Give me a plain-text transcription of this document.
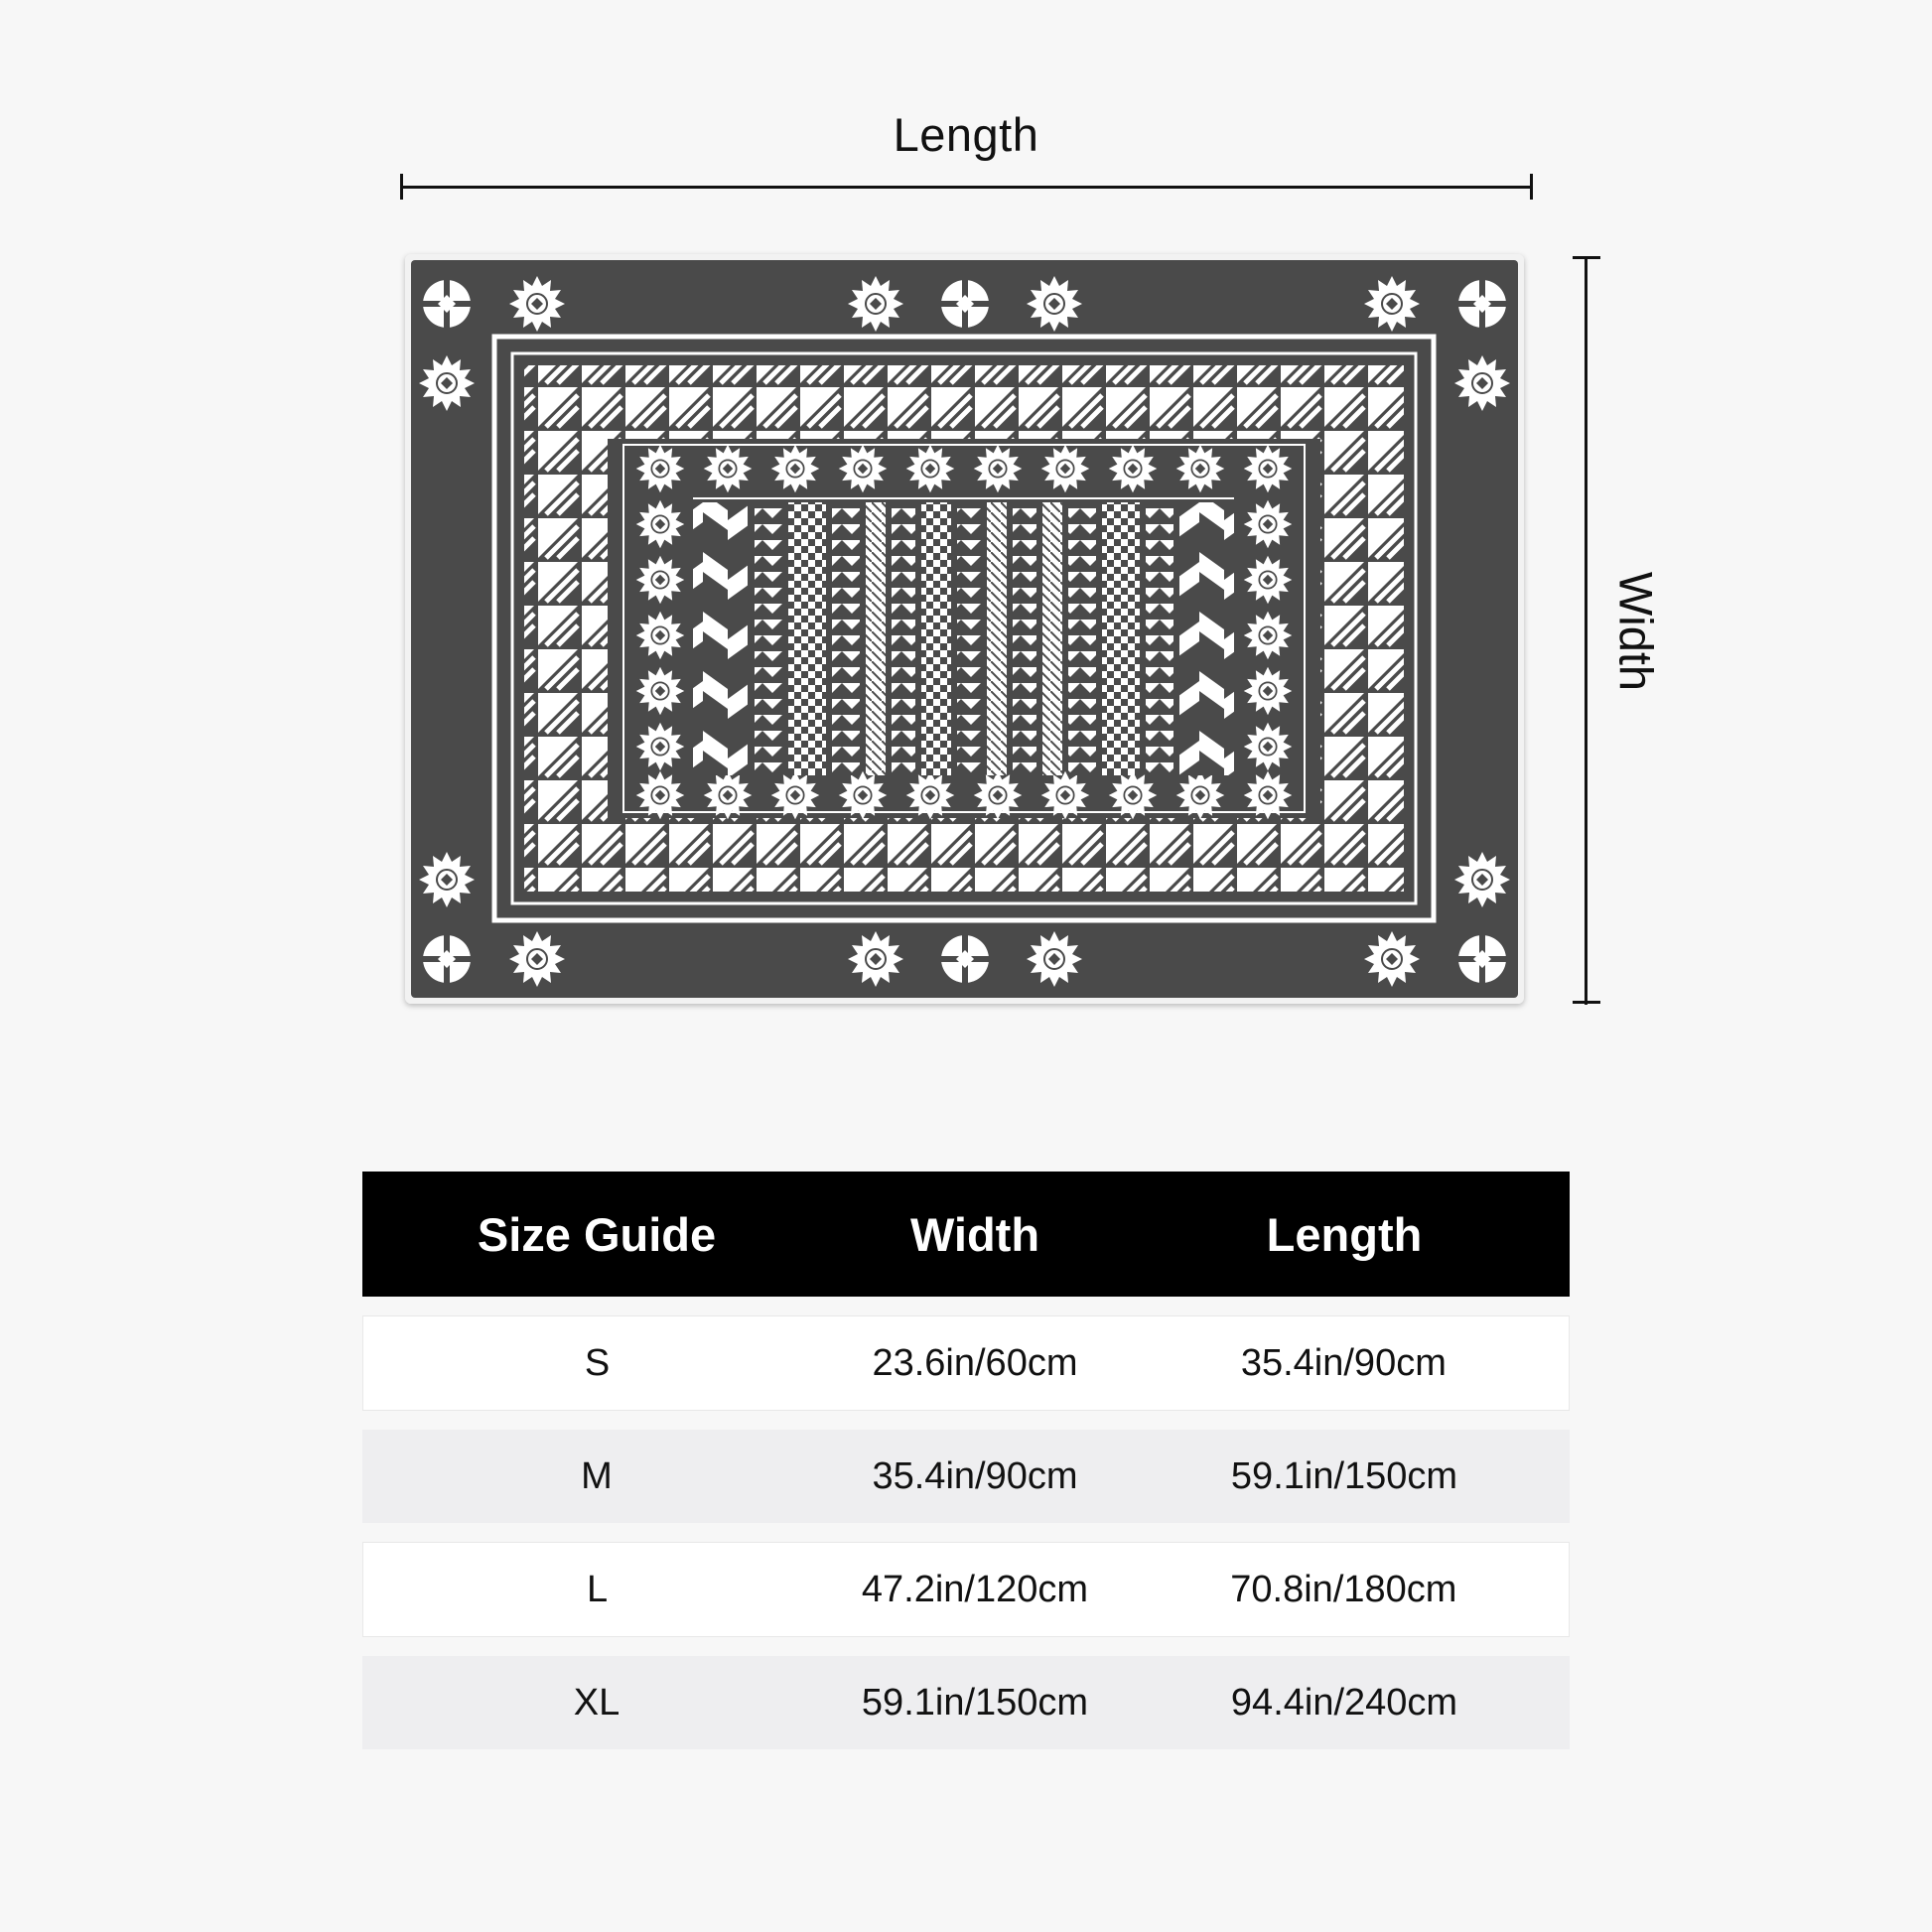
Length
Width
Size Guide	Width	Length
S	23.6in/60cm	35.4in/90cm
M	35.4in/90cm	59.1in/150cm
L	47.2in/120cm	70.8in/180cm
XL	59.1in/150cm	94.4in/240cm
